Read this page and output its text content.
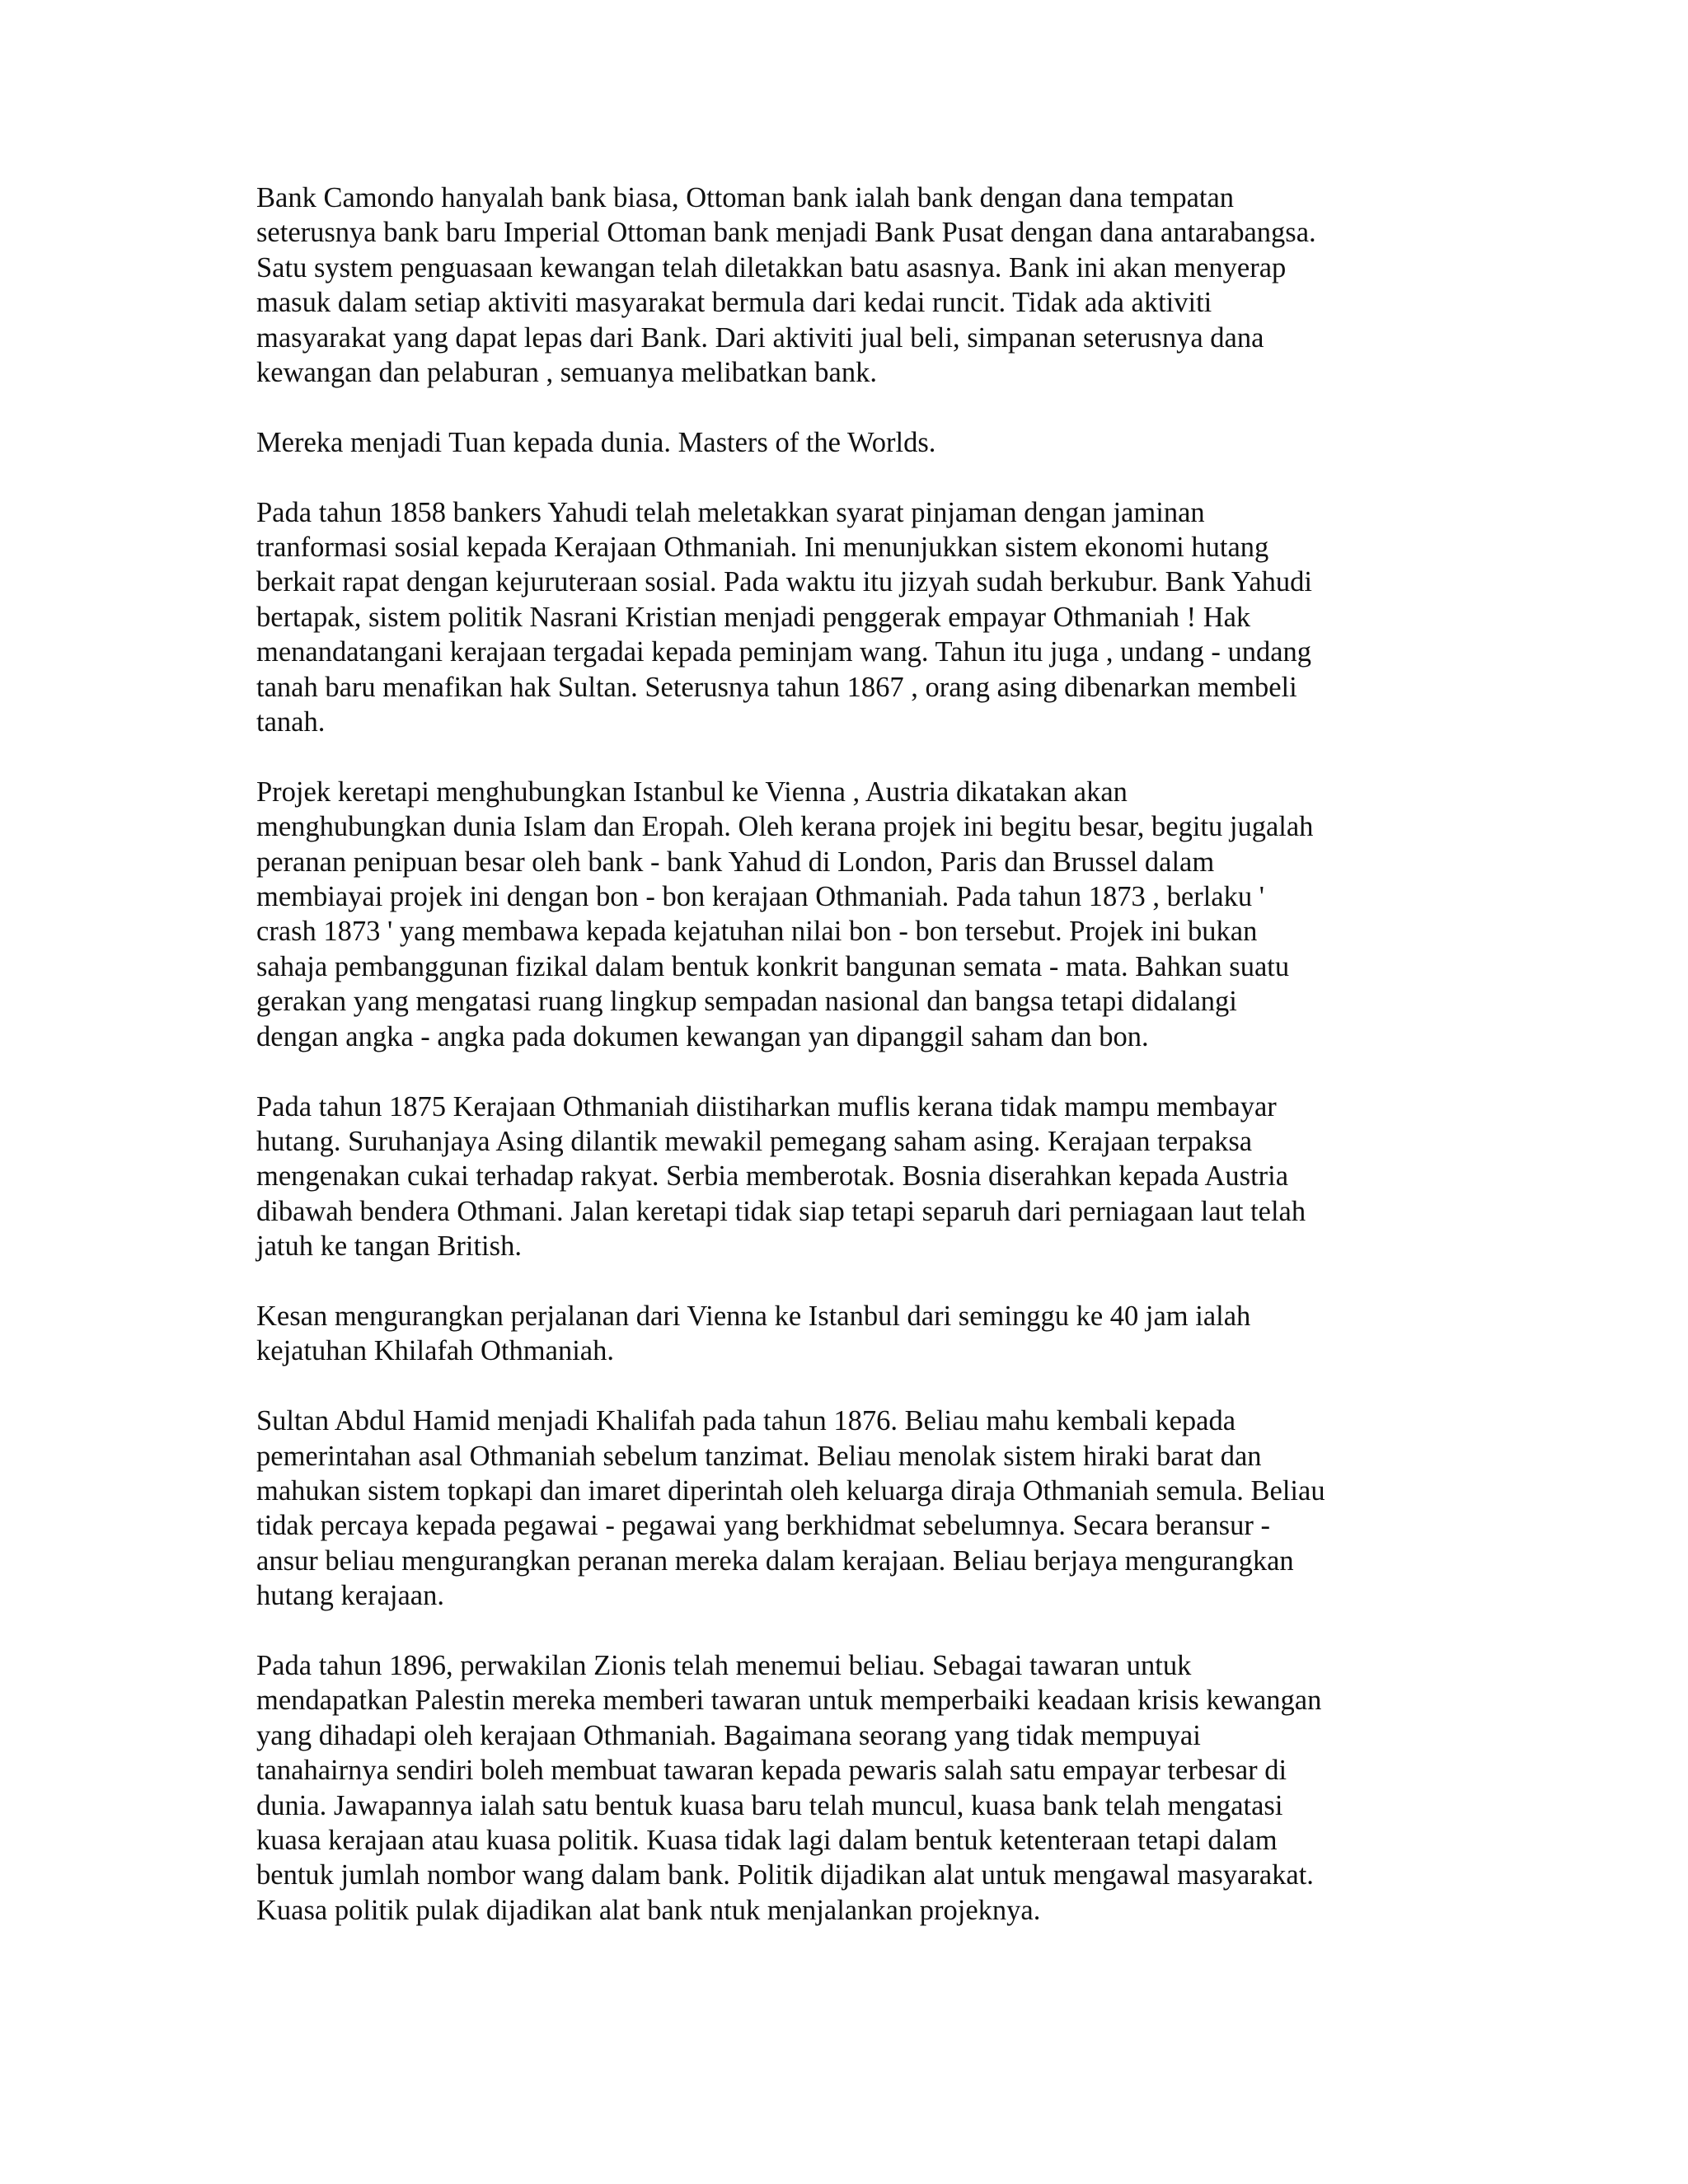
Bank Camondo hanyalah bank biasa, Ottoman bank ialah bank dengan dana tempatan
seterusnya bank baru Imperial Ottoman bank menjadi Bank Pusat dengan dana antarabangsa.
Satu system penguasaan kewangan telah diletakkan batu asasnya. Bank ini akan menyerap
masuk dalam setiap aktiviti masyarakat bermula dari kedai runcit. Tidak ada aktiviti
masyarakat yang dapat lepas dari Bank. Dari aktiviti jual beli, simpanan seterusnya dana
kewangan dan pelaburan , semuanya melibatkan bank.

Mereka menjadi Tuan kepada dunia. Masters of the Worlds.

Pada tahun 1858 bankers Yahudi telah meletakkan syarat pinjaman dengan jaminan
tranformasi sosial kepada Kerajaan Othmaniah. Ini menunjukkan sistem ekonomi hutang
berkait rapat dengan kejuruteraan sosial. Pada waktu itu jizyah sudah berkubur. Bank Yahudi
bertapak, sistem politik Nasrani Kristian menjadi penggerak empayar Othmaniah ! Hak
menandatangani kerajaan tergadai kepada peminjam wang. Tahun itu juga , undang - undang
tanah baru menafikan hak Sultan. Seterusnya tahun 1867 , orang asing dibenarkan membeli
tanah.

Projek keretapi menghubungkan Istanbul ke Vienna , Austria dikatakan akan
menghubungkan dunia Islam dan Eropah. Oleh kerana projek ini begitu besar, begitu jugalah
peranan penipuan besar oleh bank - bank Yahud di London, Paris dan Brussel dalam
membiayai projek ini dengan bon - bon kerajaan Othmaniah. Pada tahun 1873 , berlaku '
crash 1873 ' yang membawa kepada kejatuhan nilai bon - bon tersebut. Projek ini bukan
sahaja pembanggunan fizikal dalam bentuk konkrit bangunan semata - mata. Bahkan suatu
gerakan yang mengatasi ruang lingkup sempadan nasional dan bangsa tetapi didalangi
dengan angka - angka pada dokumen kewangan yan dipanggil saham dan bon.

Pada tahun 1875 Kerajaan Othmaniah diistiharkan muflis kerana tidak mampu membayar
hutang. Suruhanjaya Asing dilantik mewakil pemegang saham asing. Kerajaan terpaksa
mengenakan cukai terhadap rakyat. Serbia memberotak. Bosnia diserahkan kepada Austria
dibawah bendera Othmani. Jalan keretapi tidak siap tetapi separuh dari perniagaan laut telah
jatuh ke tangan British.

Kesan mengurangkan perjalanan dari Vienna ke Istanbul dari seminggu ke 40 jam ialah
kejatuhan Khilafah Othmaniah.

Sultan Abdul Hamid menjadi Khalifah pada tahun 1876. Beliau mahu kembali kepada
pemerintahan asal Othmaniah sebelum tanzimat. Beliau menolak sistem hiraki barat dan
mahukan sistem topkapi dan imaret diperintah oleh keluarga diraja Othmaniah semula. Beliau
tidak percaya kepada pegawai - pegawai yang berkhidmat sebelumnya. Secara beransur -
ansur beliau mengurangkan peranan mereka dalam kerajaan. Beliau berjaya mengurangkan
hutang kerajaan.

Pada tahun 1896, perwakilan Zionis telah menemui beliau. Sebagai tawaran untuk
mendapatkan Palestin mereka memberi tawaran untuk memperbaiki keadaan krisis kewangan
yang dihadapi oleh kerajaan Othmaniah. Bagaimana seorang yang tidak mempuyai
tanahairnya sendiri boleh membuat tawaran kepada pewaris salah satu empayar terbesar di
dunia. Jawapannya ialah satu bentuk kuasa baru telah muncul, kuasa bank telah mengatasi
kuasa kerajaan atau kuasa politik. Kuasa tidak lagi dalam bentuk ketenteraan tetapi dalam
bentuk jumlah nombor wang dalam bank. Politik dijadikan alat untuk mengawal masyarakat.
Kuasa politik pulak dijadikan alat bank ntuk menjalankan projeknya.
